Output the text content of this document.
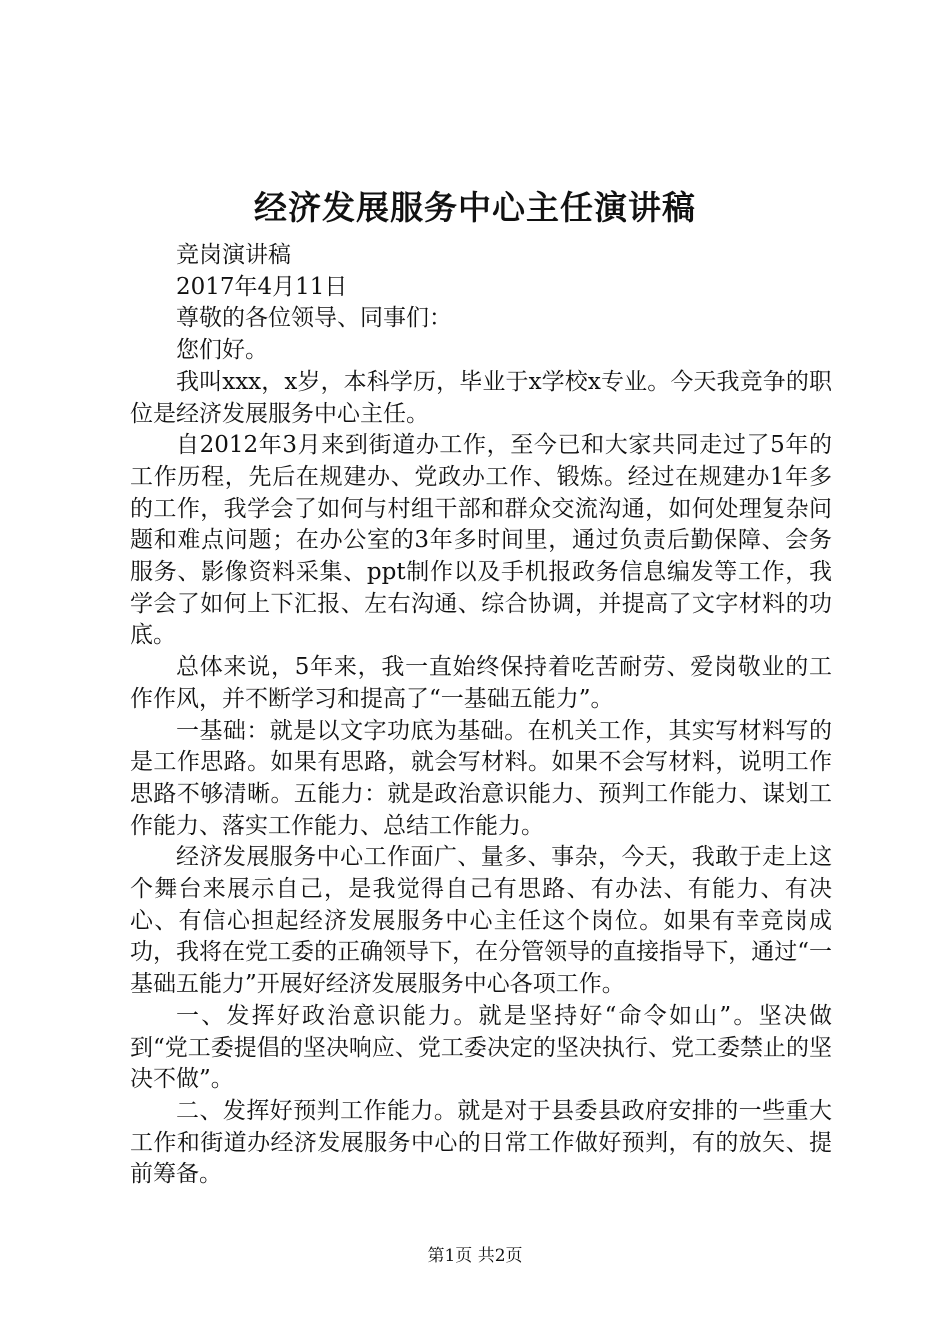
经济发展服务中心主任演讲稿

竞岗演讲稿

2017年4月11日

尊敬的各位领导、同事们：

您们好。

我叫xxx，x岁，本科学历，毕业于x学校x专业。今天我竞争的职位是经济发展服务中心主任。

自2012年3月来到街道办工作，至今已和大家共同走过了5年的工作历程，先后在规建办、党政办工作、锻炼。经过在规建办1年多的工作，我学会了如何与村组干部和群众交流沟通，如何处理复杂问题和难点问题；在办公室的3年多时间里，通过负责后勤保障、会务服务、影像资料采集、ppt制作以及手机报政务信息编发等工作，我学会了如何上下汇报、左右沟通、综合协调，并提高了文字材料的功底。

总体来说，5年来，我一直始终保持着吃苦耐劳、爱岗敬业的工作作风，并不断学习和提高了“一基础五能力”。

一基础：就是以文字功底为基础。在机关工作，其实写材料写的是工作思路。如果有思路，就会写材料。如果不会写材料，说明工作思路不够清晰。五能力：就是政治意识能力、预判工作能力、谋划工作能力、落实工作能力、总结工作能力。

经济发展服务中心工作面广、量多、事杂，今天，我敢于走上这个舞台来展示自己，是我觉得自己有思路、有办法、有能力、有决心、有信心担起经济发展服务中心主任这个岗位。如果有幸竞岗成功，我将在党工委的正确领导下，在分管领导的直接指导下，通过“一基础五能力”开展好经济发展服务中心各项工作。

一、发挥好政治意识能力。就是坚持好“命令如山”。坚决做到“党工委提倡的坚决响应、党工委决定的坚决执行、党工委禁止的坚决不做”。

二、发挥好预判工作能力。就是对于县委县政府安排的一些重大工作和街道办经济发展服务中心的日常工作做好预判，有的放矢、提前筹备。

第1页 共2页
